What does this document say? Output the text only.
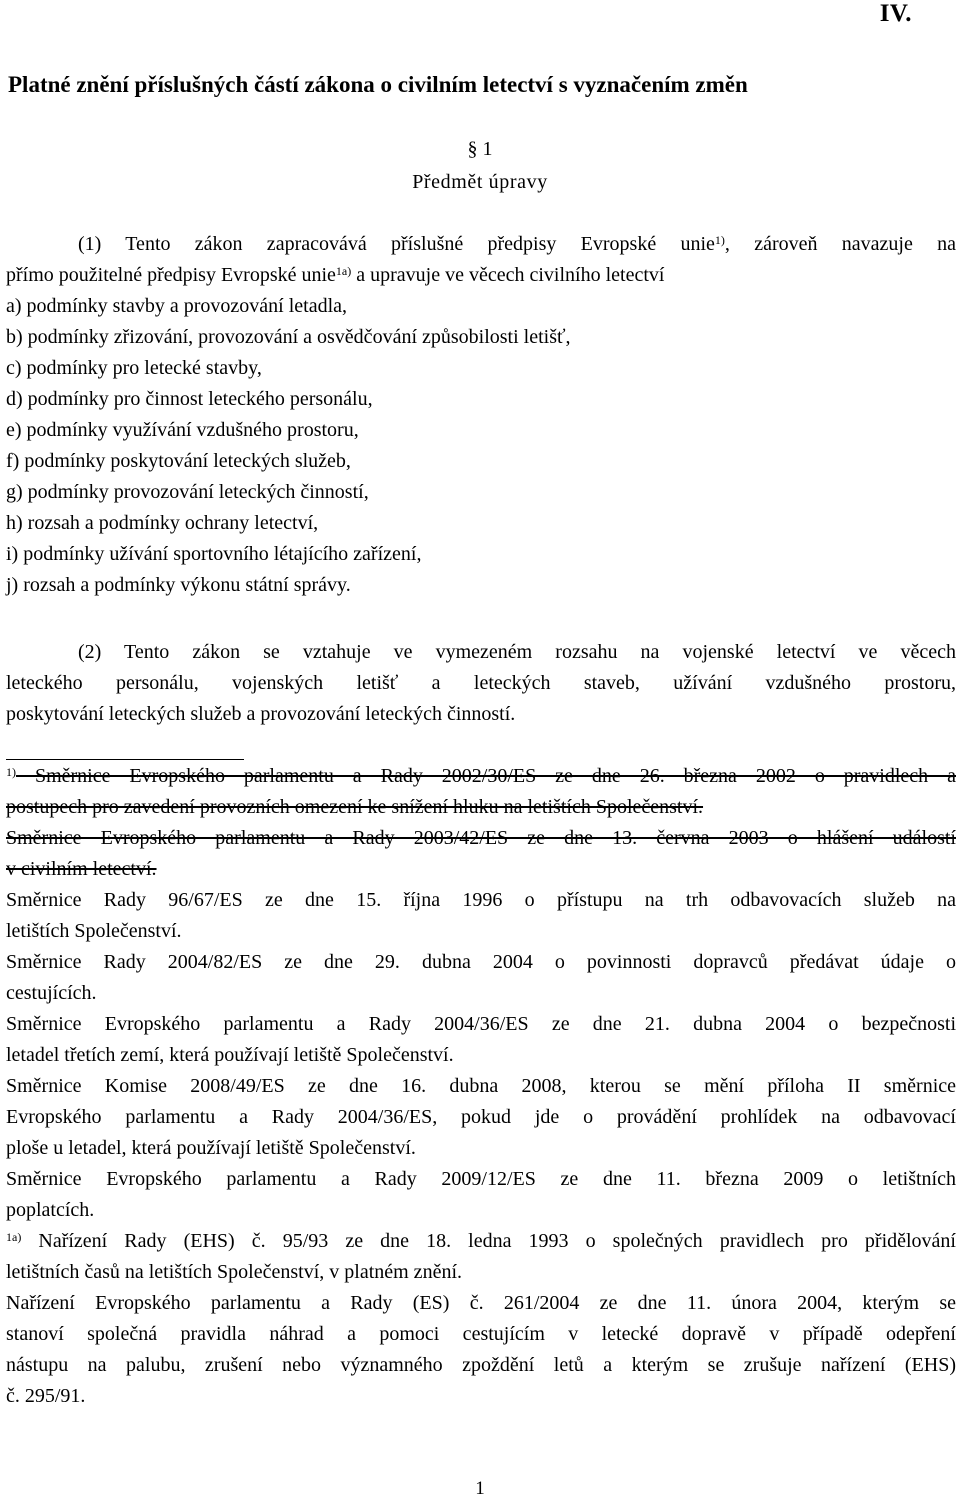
IV.
Platné znění příslušných částí zákona o civilním letectví s vyznačením změn
§ 1
Předmět úpravy
(1) Tento zákon zapracovává příslušné předpisy Evropské unie$^{1)}$, zároveň navazuje na
přímo použitelné předpisy Evropské unie$^{1a)}$ a upravuje ve věcech civilního letectví
a) podmínky stavby a provozování letadla,
b) podmínky zřizování, provozování a osvědčování způsobilosti letišť,
c) podmínky pro letecké stavby,
d) podmínky pro činnost leteckého personálu,
e) podmínky využívání vzdušného prostoru,
f) podmínky poskytování leteckých služeb,
g) podmínky provozování leteckých činností,
h) rozsah a podmínky ochrany letectví,
i) podmínky užívání sportovního létajícího zařízení,
j) rozsah a podmínky výkonu státní správy.
(2) Tento zákon se vztahuje ve vymezeném rozsahu na vojenské letectví ve věcech
leteckého personálu, vojenských letišť a leteckých staveb, užívání vzdušného prostoru,
poskytování leteckých služeb a provozování leteckých činností.
$^{1)}$ Směrnice Evropského parlamentu a Rady 2002/30/ES ze dne 26. března 2002 o pravidlech a
postupech pro zavedení provozních omezení ke snížení hluku na letištích Společenství.
Směrnice Evropského parlamentu a Rady 2003/42/ES ze dne 13. června 2003 o hlášení událostí
v civilním letectví.
Směrnice Rady 96/67/ES ze dne 15. října 1996 o přístupu na trh odbavovacích služeb na
letištích Společenství.
Směrnice Rady 2004/82/ES ze dne 29. dubna 2004 o povinnosti dopravců předávat údaje o
cestujících.
Směrnice Evropského parlamentu a Rady 2004/36/ES ze dne 21. dubna 2004 o bezpečnosti
letadel třetích zemí, která používají letiště Společenství.
Směrnice Komise 2008/49/ES ze dne 16. dubna 2008, kterou se mění příloha II směrnice
Evropského parlamentu a Rady 2004/36/ES, pokud jde o provádění prohlídek na odbavovací
ploše u letadel, která používají letiště Společenství.
Směrnice Evropského parlamentu a Rady 2009/12/ES ze dne 11. března 2009 o letištních
poplatcích.
$^{1a)}$ Nařízení Rady (EHS) č. 95/93 ze dne 18. ledna 1993 o společných pravidlech pro přidělování
letištních časů na letištích Společenství, v platném znění.
Nařízení Evropského parlamentu a Rady (ES) č. 261/2004 ze dne 11. února 2004, kterým se
stanoví společná pravidla náhrad a pomoci cestujícím v letecké dopravě v případě odepření
nástupu na palubu, zrušení nebo významného zpoždění letů a kterým se zrušuje nařízení (EHS)
č. 295/91.
1
